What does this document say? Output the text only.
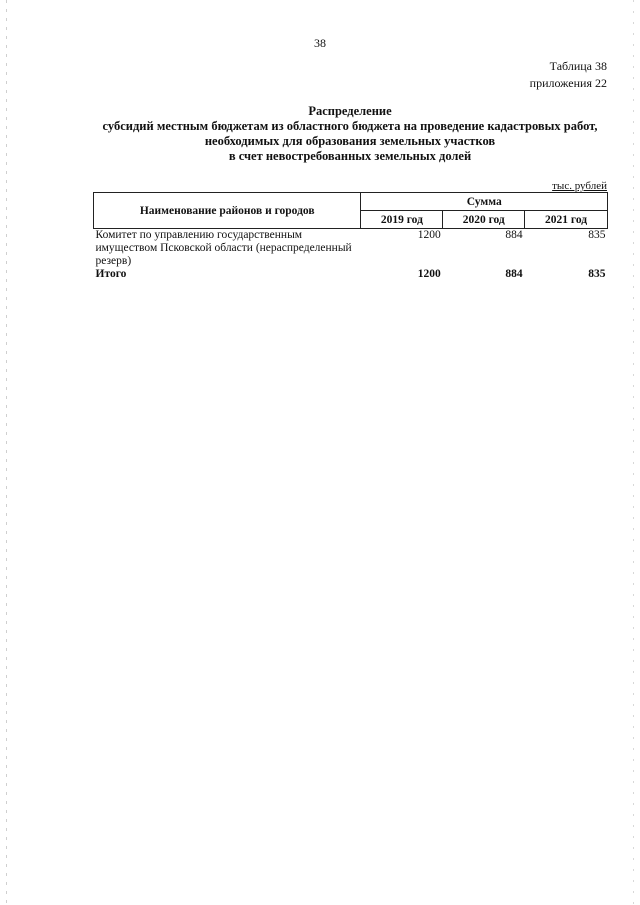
38
Таблица 38
приложения 22
Распределение
субсидий местным бюджетам из областного бюджета на проведение кадастровых работ,
необходимых для образования земельных участков
в счет невостребованных земельных долей
тыс. рублей
Наименование районов и городов	Сумма		
	2019 год	2020 год	2021 год
Комитет по управлению государственным имуществом Псковской области (нераспределенный резерв)	1200	884	835
Итого	1200	884	835
